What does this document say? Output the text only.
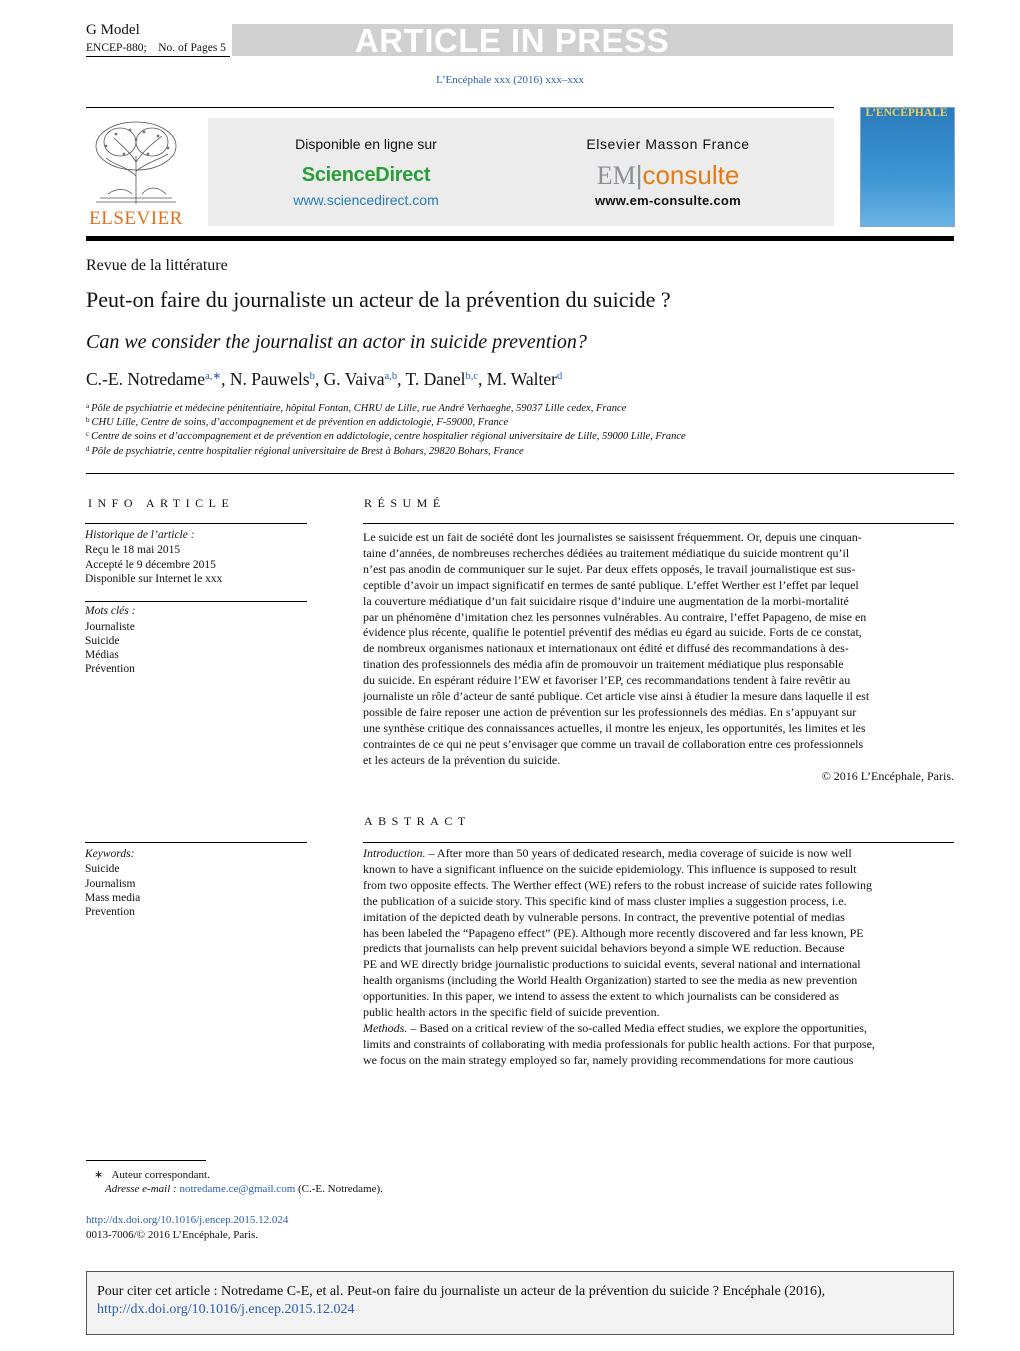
G Model
ENCEP-880; No. of Pages 5	ARTICLE IN PRESS
L’Encéphale xxx (2016) xxx–xxx
ELSEVIER
Disponible en ligne sur
ScienceDirect
www.sciencedirect.com
Elsevier Masson France
EM|consulte
www.em-consulte.com
L’ENCÉPHALE
Revue de la littérature
Peut-on faire du journaliste un acteur de la prévention du suicide ?
Can we consider the journalist an actor in suicide prevention?
C.-E. Notredame$^{a,∗}$, N. Pauwels$^b$, G. Vaiva$^{a,b}$, T. Danel$^{b,c}$, M. Walter$^d$
$^a$ Pôle de psychiatrie et médecine pénitentiaire, hôpital Fontan, CHRU de Lille, rue André Verhaeghe, 59037 Lille cedex, France
$^b$ CHU Lille, Centre de soins, d’accompagnement et de prévention en addictologie, F-59000, France
$^c$ Centre de soins et d’accompagnement et de prévention en addictologie, centre hospitalier régional universitaire de Lille, 59000 Lille, France
$^d$ Pôle de psychiatrie, centre hospitalier régional universitaire de Brest à Bohars, 29820 Bohars, France
INFO ARTICLE
Historique de l’article :
Reçu le 18 mai 2015
Accepté le 9 décembre 2015
Disponible sur Internet le xxx
Mots clés :
Journaliste
Suicide
Médias
Prévention
Keywords:
Suicide
Journalism
Mass media
Prevention
RÉSUMÉ
Le suicide est un fait de société dont les journalistes se saisissent fréquemment. Or, depuis une cinquan-
taine d’années, de nombreuses recherches dédiées au traitement médiatique du suicide montrent qu’il
n’est pas anodin de communiquer sur le sujet. Par deux effets opposés, le travail journalistique est sus-
ceptible d’avoir un impact significatif en termes de santé publique. L’effet Werther est l’effet par lequel
la couverture médiatique d’un fait suicidaire risque d’induire une augmentation de la morbi-mortalité
par un phénomène d’imitation chez les personnes vulnérables. Au contraire, l’effet Papageno, de mise en
évidence plus récente, qualifie le potentiel préventif des médias eu égard au suicide. Forts de ce constat,
de nombreux organismes nationaux et internationaux ont édité et diffusé des recommandations à des-
tination des professionnels des média afin de promouvoir un traitement médiatique plus responsable
du suicide. En espérant réduire l’EW et favoriser l’EP, ces recommandations tendent à faire revêtir au
journaliste un rôle d’acteur de santé publique. Cet article vise ainsi à étudier la mesure dans laquelle il est
possible de faire reposer une action de prévention sur les professionnels des médias. En s’appuyant sur
une synthèse critique des connaissances actuelles, il montre les enjeux, les opportunités, les limites et les
contraintes de ce qui ne peut s’envisager que comme un travail de collaboration entre ces professionnels
et les acteurs de la prévention du suicide.
© 2016 L’Encéphale, Paris.
ABSTRACT
Introduction. – After more than 50 years of dedicated research, media coverage of suicide is now well
known to have a significant influence on the suicide epidemiology. This influence is supposed to result
from two opposite effects. The Werther effect (WE) refers to the robust increase of suicide rates following
the publication of a suicide story. This specific kind of mass cluster implies a suggestion process, i.e.
imitation of the depicted death by vulnerable persons. In contract, the preventive potential of medias
has been labeled the “Papageno effect” (PE). Although more recently discovered and far less known, PE
predicts that journalists can help prevent suicidal behaviors beyond a simple WE reduction. Because
PE and WE directly bridge journalistic productions to suicidal events, several national and international
health organisms (including the World Health Organization) started to see the media as new prevention
opportunities. In this paper, we intend to assess the extent to which journalists can be considered as
public health actors in the specific field of suicide prevention.
Methods. – Based on a critical review of the so-called Media effect studies, we explore the opportunities,
limits and constraints of collaborating with media professionals for public health actions. For that purpose,
we focus on the main strategy employed so far, namely providing recommendations for more cautious
∗ Auteur correspondant.
Adresse e-mail : notredame.ce@gmail.com (C.-E. Notredame).
http://dx.doi.org/10.1016/j.encep.2015.12.024
0013-7006/© 2016 L’Encéphale, Paris.
Pour citer cet article : Notredame C-E, et al. Peut-on faire du journaliste un acteur de la prévention du suicide ? Encéphale (2016),
http://dx.doi.org/10.1016/j.encep.2015.12.024
